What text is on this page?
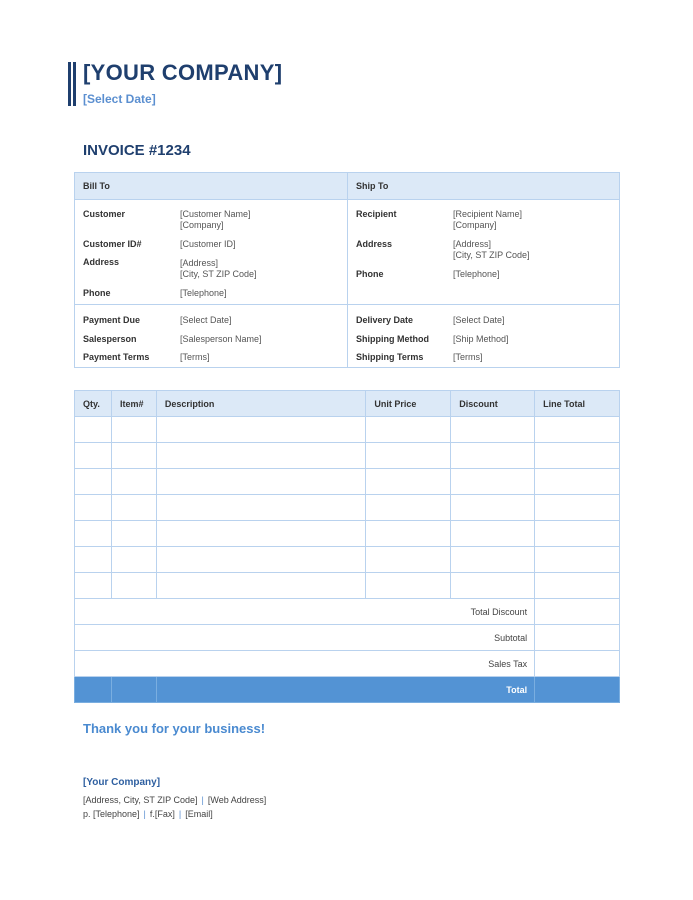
[YOUR COMPANY]
[Select Date]
INVOICE #1234
Bill To	Ship To
Customer	[Customer Name]
[Company]
Customer ID#	[Customer ID]
Address	[Address]
[City, ST ZIP Code]
Phone	[Telephone]
Payment Due	[Select Date]
Salesperson	[Salesperson Name]
Payment Terms	[Terms]
Recipient	[Recipient Name]
[Company]
Address	[Address]
[City, ST ZIP Code]
Phone	[Telephone]
Delivery Date	[Select Date]
Shipping Method	[Ship Method]
Shipping Terms	[Terms]
Qty.	Item#	Description	Unit Price	Discount	Line Total

Total Discount					
Subtotal					
Sales Tax					
		Total			
Thank you for your business!
[Your Company]
[Address, City, ST ZIP Code] | [Web Address]
p. [Telephone] | f.[Fax] | [Email]
